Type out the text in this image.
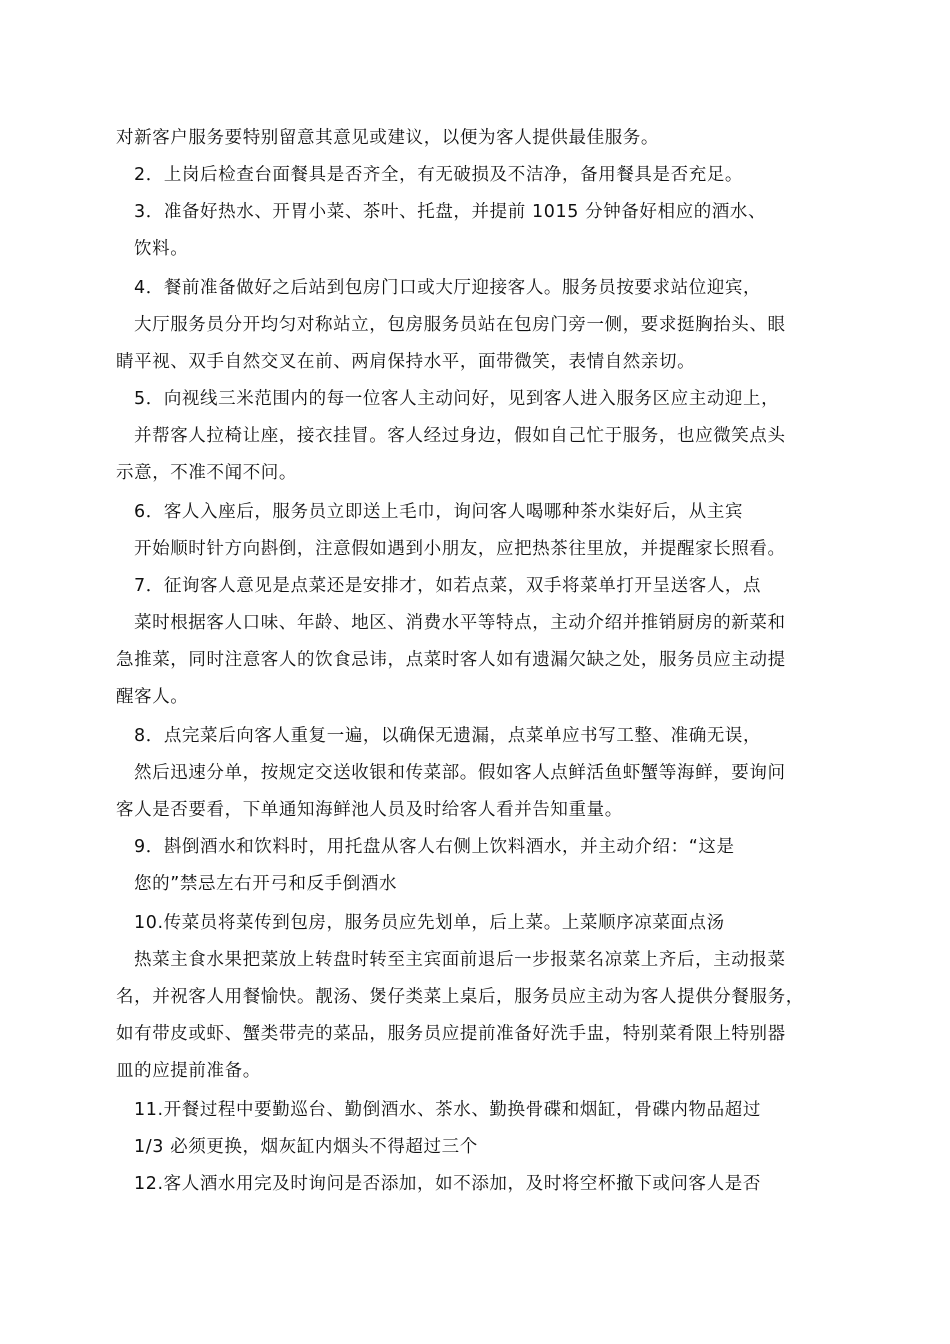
对新客户服务要特别留意其意见或建议，以便为客人提供最佳服务。
2．上岗后检查台面餐具是否齐全，有无破损及不洁净，备用餐具是否充足。
3．准备好热水、开胃小菜、茶叶、托盘，并提前 1015 分钟备好相应的酒水、
饮料。
4．餐前准备做好之后站到包房门口或大厅迎接客人。服务员按要求站位迎宾，
大厅服务员分开均匀对称站立，包房服务员站在包房门旁一侧，要求挺胸抬头、眼
睛平视、双手自然交叉在前、两肩保持水平，面带微笑，表情自然亲切。
5．向视线三米范围内的每一位客人主动问好，见到客人进入服务区应主动迎上，
并帮客人拉椅让座，接衣挂冒。客人经过身边，假如自己忙于服务，也应微笑点头
示意，不准不闻不问。
6．客人入座后，服务员立即送上毛巾，询问客人喝哪种茶水柒好后，从主宾
开始顺时针方向斟倒，注意假如遇到小朋友，应把热茶往里放，并提醒家长照看。
7．征询客人意见是点菜还是安排才，如若点菜，双手将菜单打开呈送客人，点
菜时根据客人口味、年龄、地区、消费水平等特点，主动介绍并推销厨房的新菜和
急推菜，同时注意客人的饮食忌讳，点菜时客人如有遗漏欠缺之处，服务员应主动提
醒客人。
8．点完菜后向客人重复一遍，以确保无遗漏，点菜单应书写工整、准确无误，
然后迅速分单，按规定交送收银和传菜部。假如客人点鲜活鱼虾蟹等海鲜，要询问
客人是否要看，下单通知海鲜池人员及时给客人看并告知重量。
9．斟倒酒水和饮料时，用托盘从客人右侧上饮料酒水，并主动介绍：“这是
您的”禁忌左右开弓和反手倒酒水
10.传菜员将菜传到包房，服务员应先划单，后上菜。上菜顺序凉菜面点汤
热菜主食水果把菜放上转盘时转至主宾面前退后一步报菜名凉菜上齐后，主动报菜
名，并祝客人用餐愉快。靓汤、煲仔类菜上桌后，服务员应主动为客人提供分餐服务，
如有带皮或虾、蟹类带壳的菜品，服务员应提前准备好洗手盅，特别菜肴限上特别器
皿的应提前准备。
11.开餐过程中要勤巡台、勤倒酒水、茶水、勤换骨碟和烟缸，骨碟内物品超过
1/3 必须更换，烟灰缸内烟头不得超过三个
12.客人酒水用完及时询问是否添加，如不添加，及时将空杯撤下或问客人是否
